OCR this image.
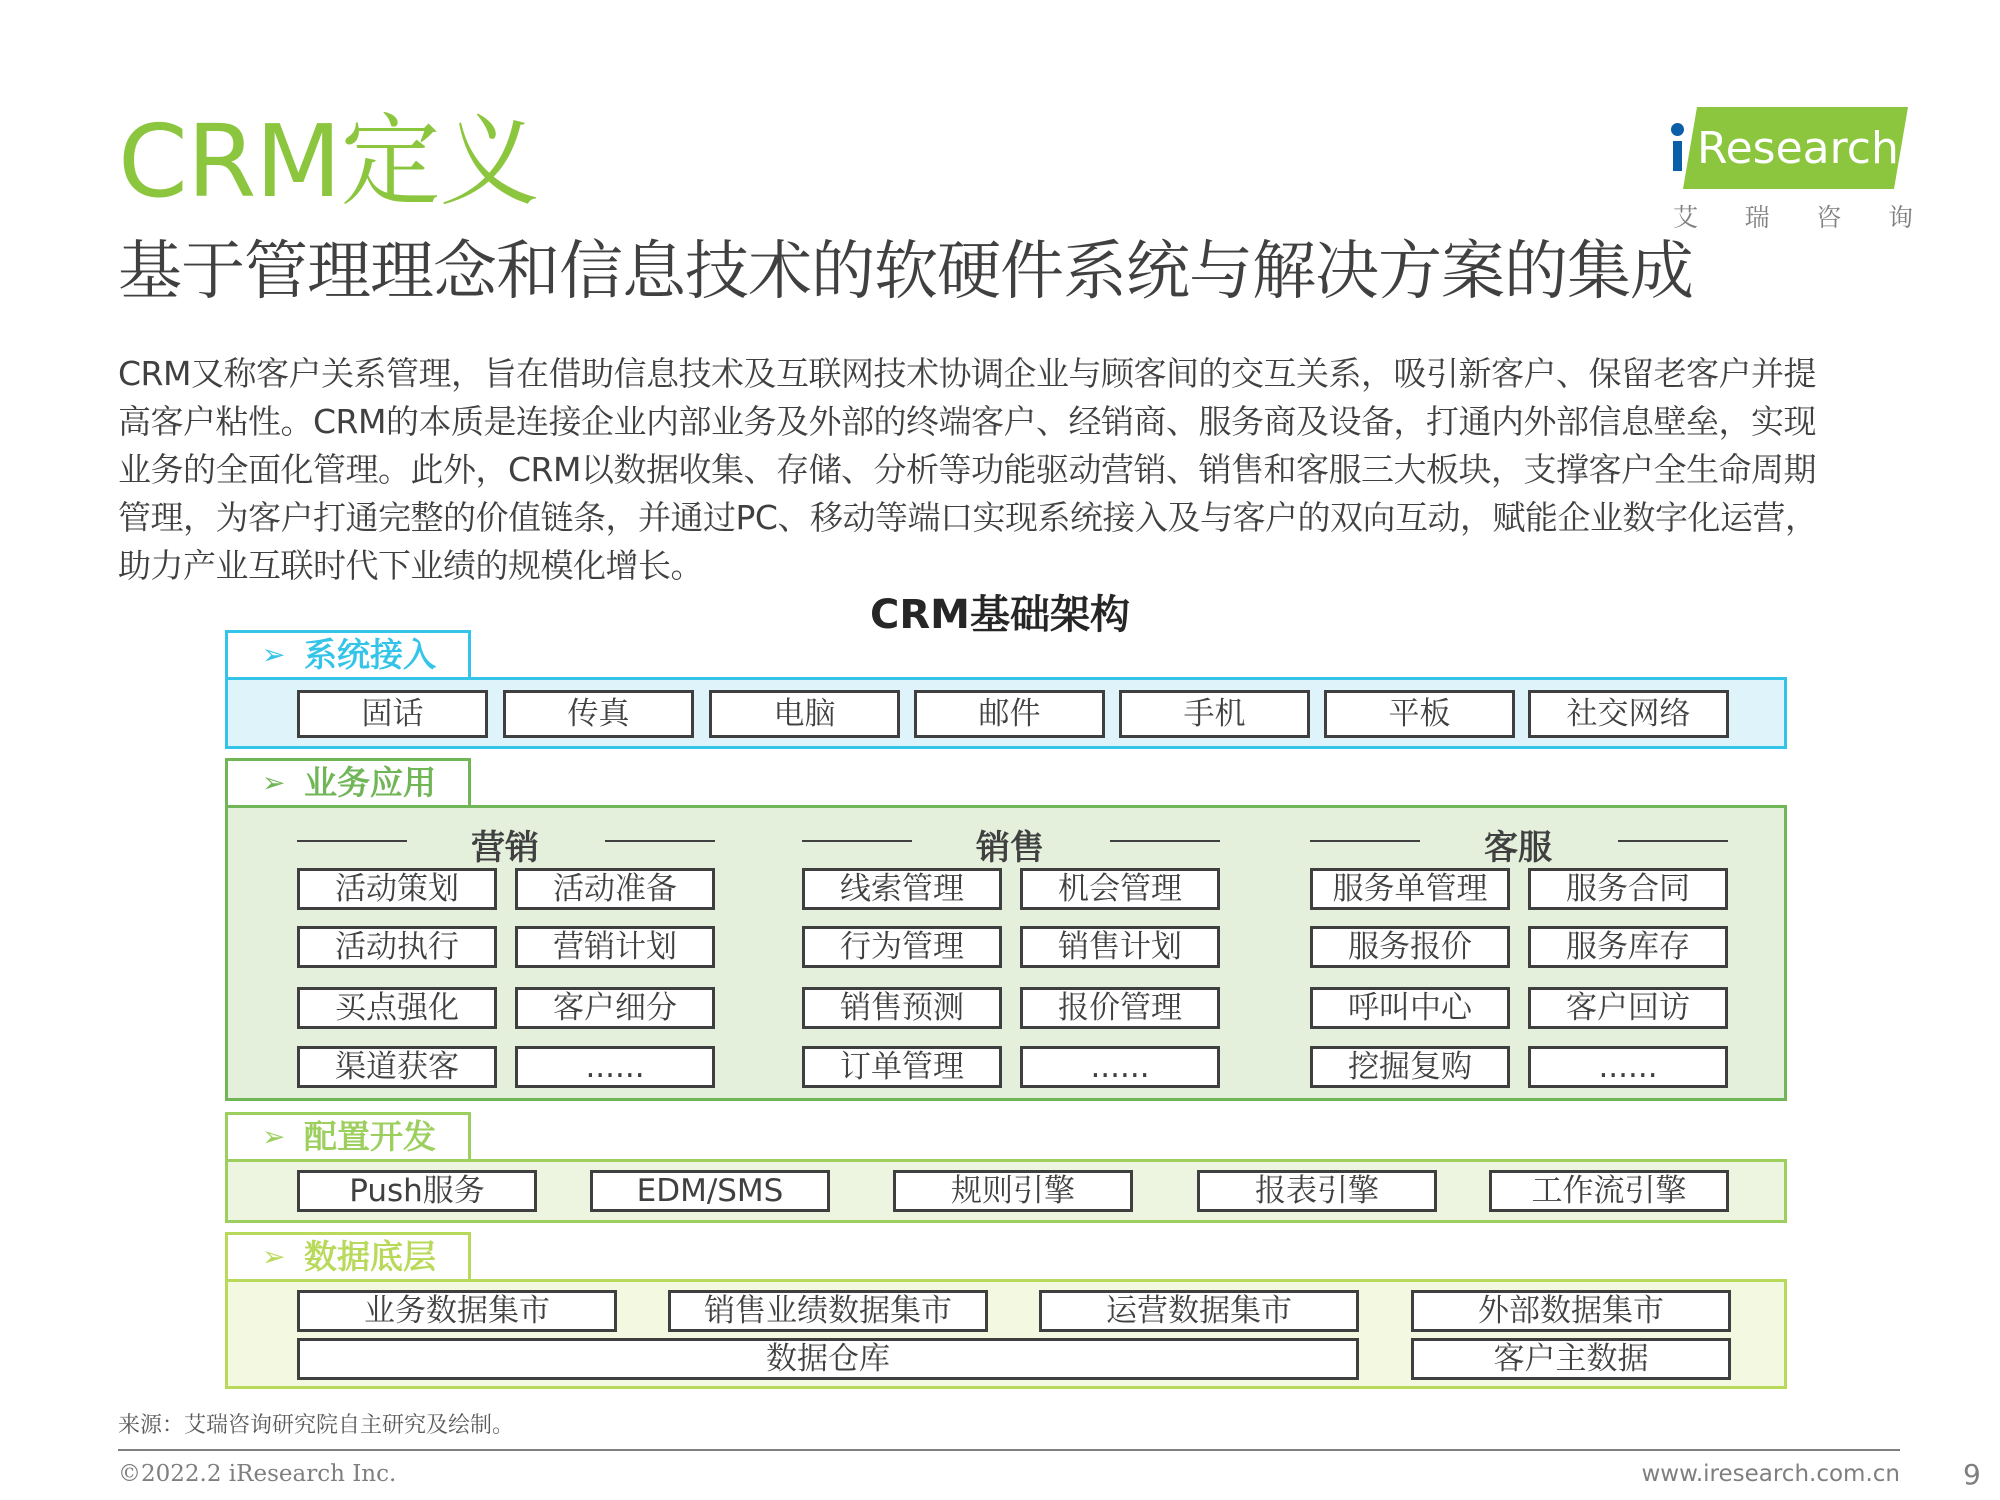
CRM定义
基于管理理念和信息技术的软硬件系统与解决方案的集成
Research
艾 瑞 咨 询
CRM又称客户关系管理，旨在借助信息技术及互联网技术协调企业与顾客间的交互关系，吸引新客户、保留老客户并提
高客户粘性。CRM的本质是连接企业内部业务及外部的终端客户、经销商、服务商及设备，打通内外部信息壁垒，实现
业务的全面化管理。此外，CRM以数据收集、存储、分析等功能驱动营销、销售和客服三大板块，支撑客户全生命周期
管理，为客户打通完整的价值链条，并通过PC、移动等端口实现系统接入及与客户的双向互动，赋能企业数字化运营，
助力产业互联时代下业绩的规模化增长。
CRM基础架构
➢ 系统接入
固话	传真	电脑	邮件	手机	平板	社交网络
➢ 业务应用
营销
活动策划	活动准备
活动执行	营销计划
买点强化	客户细分
渠道获客	......
销售
线索管理	机会管理
行为管理	销售计划
销售预测	报价管理
订单管理	......
客服
服务单管理	服务合同
服务报价	服务库存
呼叫中心	客户回访
挖掘复购	......
➢ 配置开发
Push服务	EDM/SMS	规则引擎	报表引擎	工作流引擎
➢ 数据底层
业务数据集市	销售业绩数据集市	运营数据集市	外部数据集市
数据仓库	客户主数据
来源：艾瑞咨询研究院自主研究及绘制。
©2022.2 iResearch Inc.	www.iresearch.com.cn 9
